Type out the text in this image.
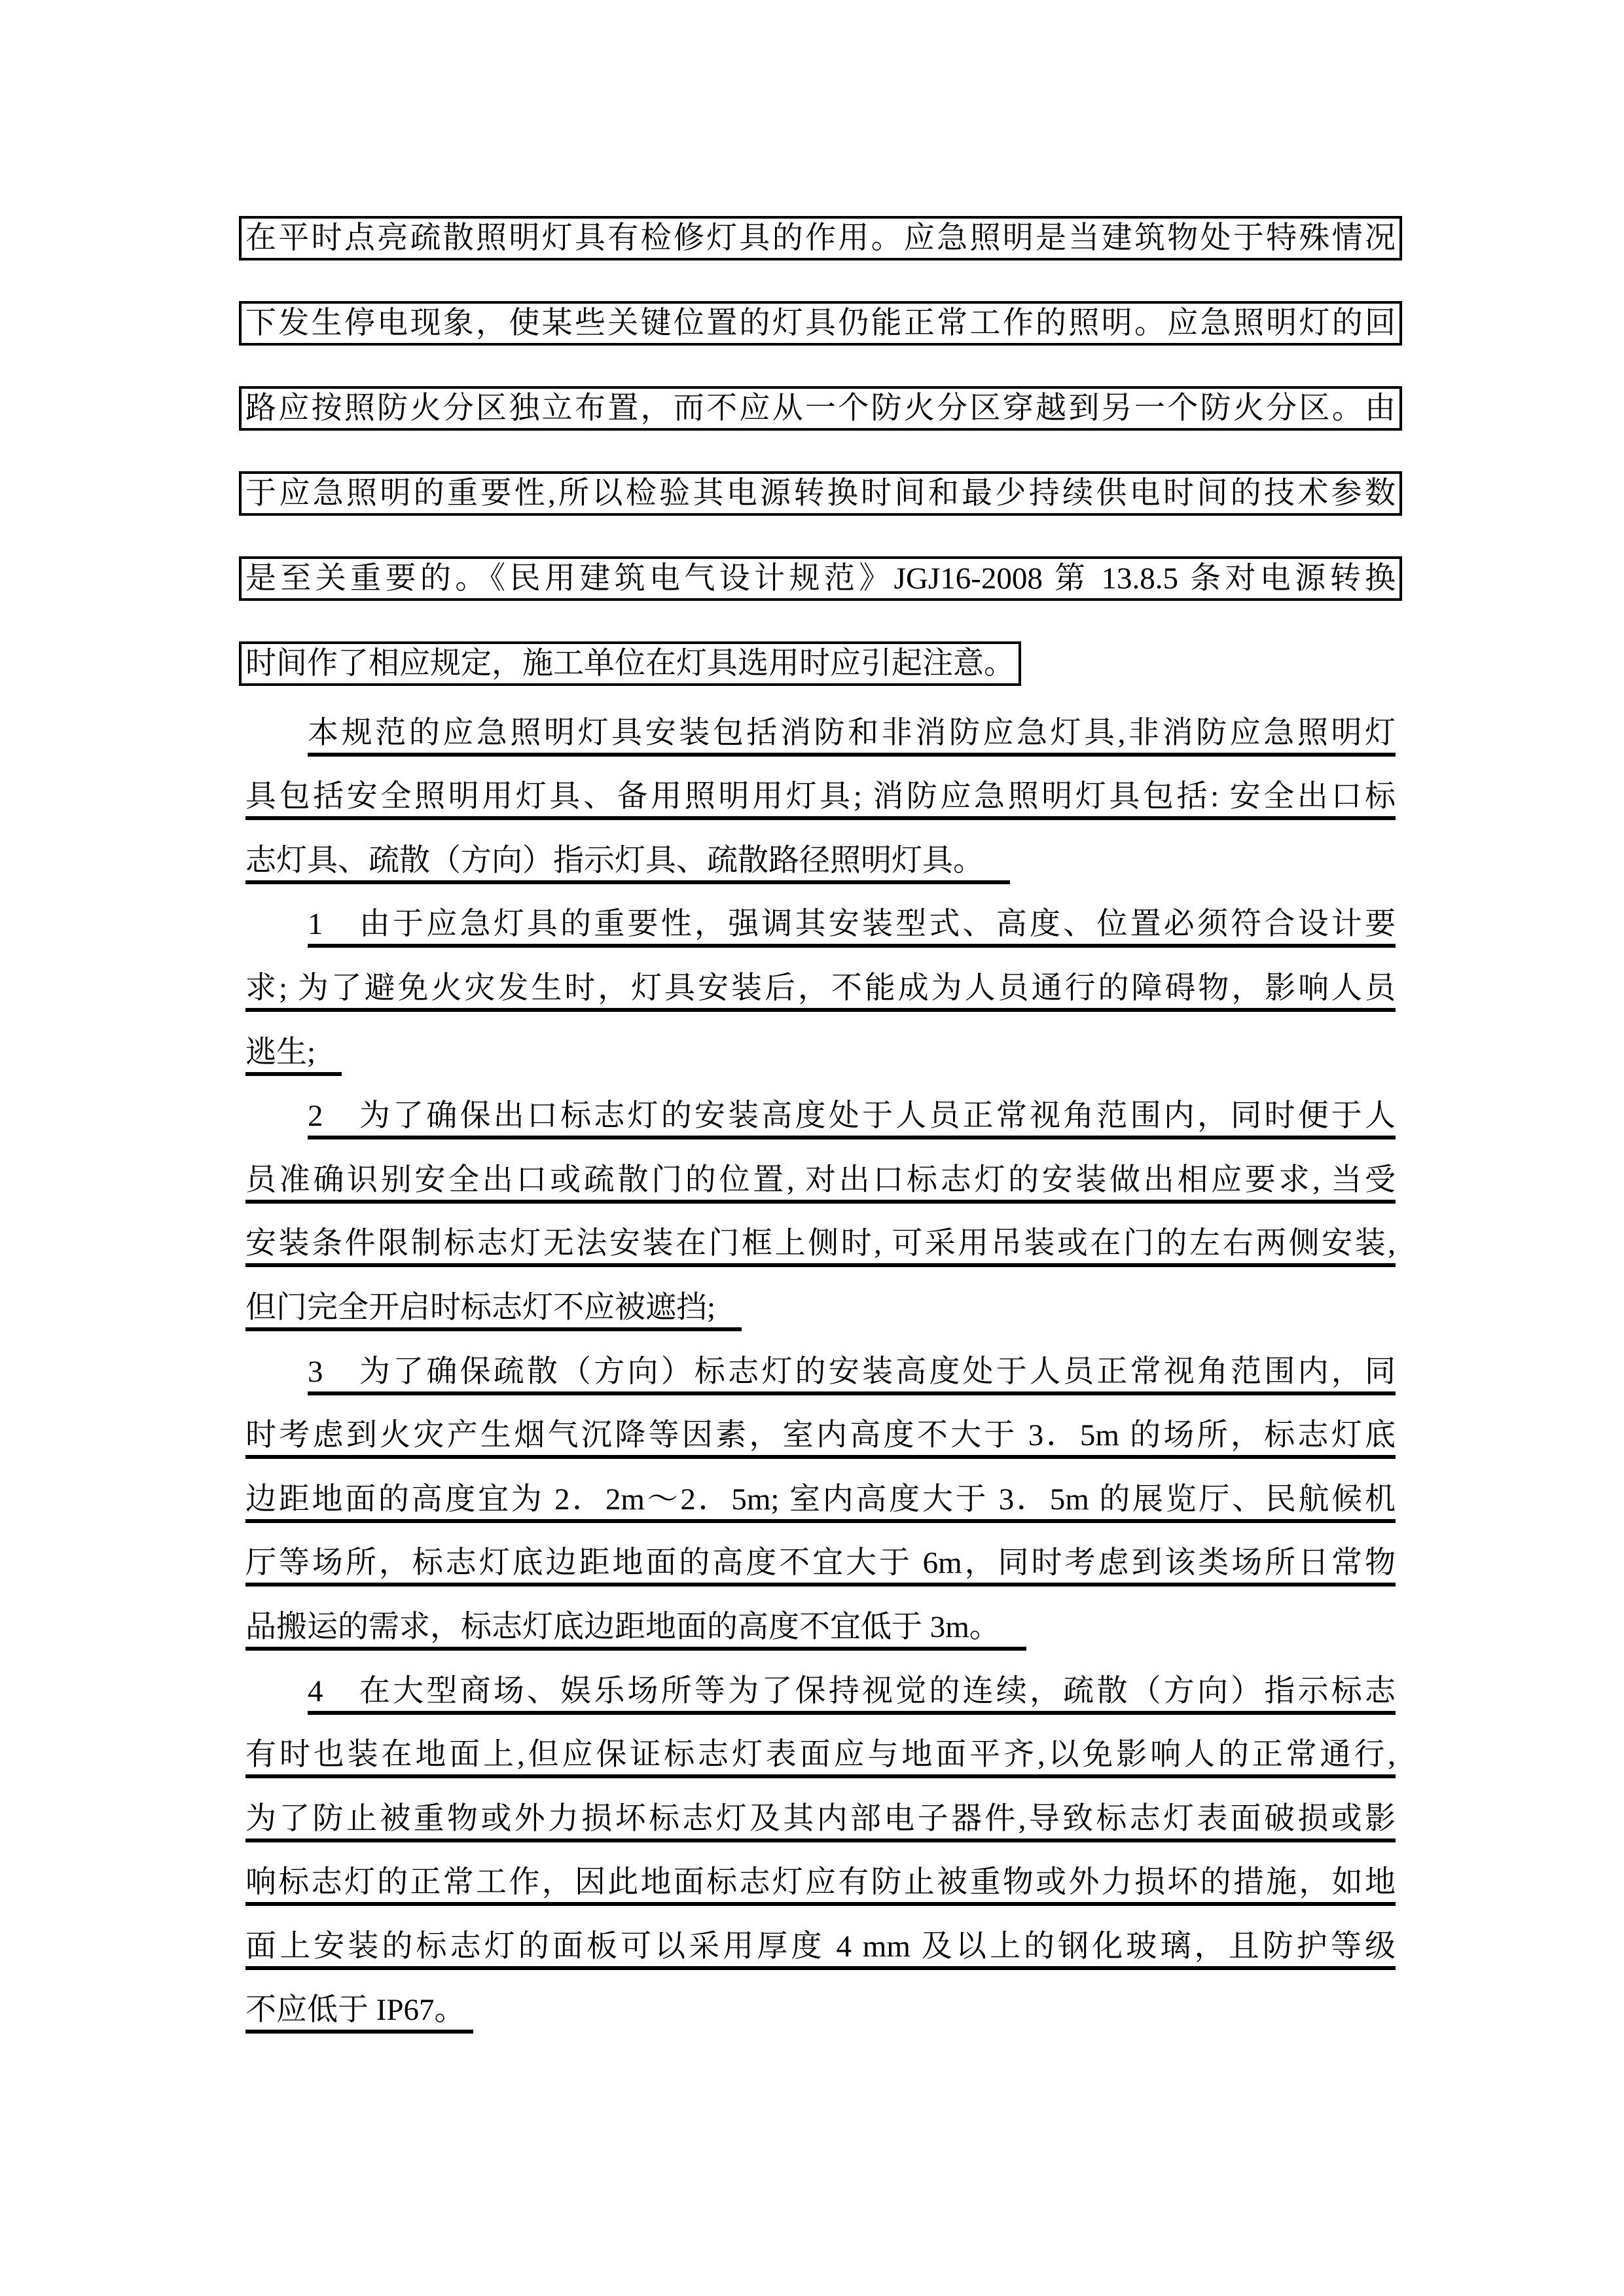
在平时点亮疏散照明灯具有检修灯具的作用。应急照明是当建筑物处于特殊情况
下发生停电现象，使某些关键位置的灯具仍能正常工作的照明。应急照明灯的回
路应按照防火分区独立布置，而不应从一个防火分区穿越到另一个防火分区。由
于应急照明的重要性,所以检验其电源转换时间和最少持续供电时间的技术参数
是至关重要的。《民用建筑电气设计规范》JGJ16-2008 第 13.8.5 条对电源转换
时间作了相应规定，施工单位在灯具选用时应引起注意。
本规范的应急照明灯具安装包括消防和非消防应急灯具,非消防应急照明灯
具包括安全照明用灯具、备用照明用灯具; 消防应急照明灯具包括: 安全出口标
志灯具、疏散（方向）指示灯具、疏散路径照明灯具。
1　由于应急灯具的重要性，强调其安装型式、高度、位置必须符合设计要
求; 为了避免火灾发生时，灯具安装后，不能成为人员通行的障碍物，影响人员
逃生;
2　为了确保出口标志灯的安装高度处于人员正常视角范围内，同时便于人
员准确识别安全出口或疏散门的位置, 对出口标志灯的安装做出相应要求, 当受
安装条件限制标志灯无法安装在门框上侧时, 可采用吊装或在门的左右两侧安装,
但门完全开启时标志灯不应被遮挡;
3　为了确保疏散（方向）标志灯的安装高度处于人员正常视角范围内，同
时考虑到火灾产生烟气沉降等因素，室内高度不大于 3．5m 的场所，标志灯底
边距地面的高度宜为 2．2m～2．5m; 室内高度大于 3．5m 的展览厅、民航候机
厅等场所，标志灯底边距地面的高度不宜大于 6m，同时考虑到该类场所日常物
品搬运的需求，标志灯底边距地面的高度不宜低于 3m。
4　在大型商场、娱乐场所等为了保持视觉的连续，疏散（方向）指示标志
有时也装在地面上,但应保证标志灯表面应与地面平齐,以免影响人的正常通行,
为了防止被重物或外力损坏标志灯及其内部电子器件,导致标志灯表面破损或影
响标志灯的正常工作，因此地面标志灯应有防止被重物或外力损坏的措施，如地
面上安装的标志灯的面板可以采用厚度 4 mm 及以上的钢化玻璃，且防护等级
不应低于 IP67。
